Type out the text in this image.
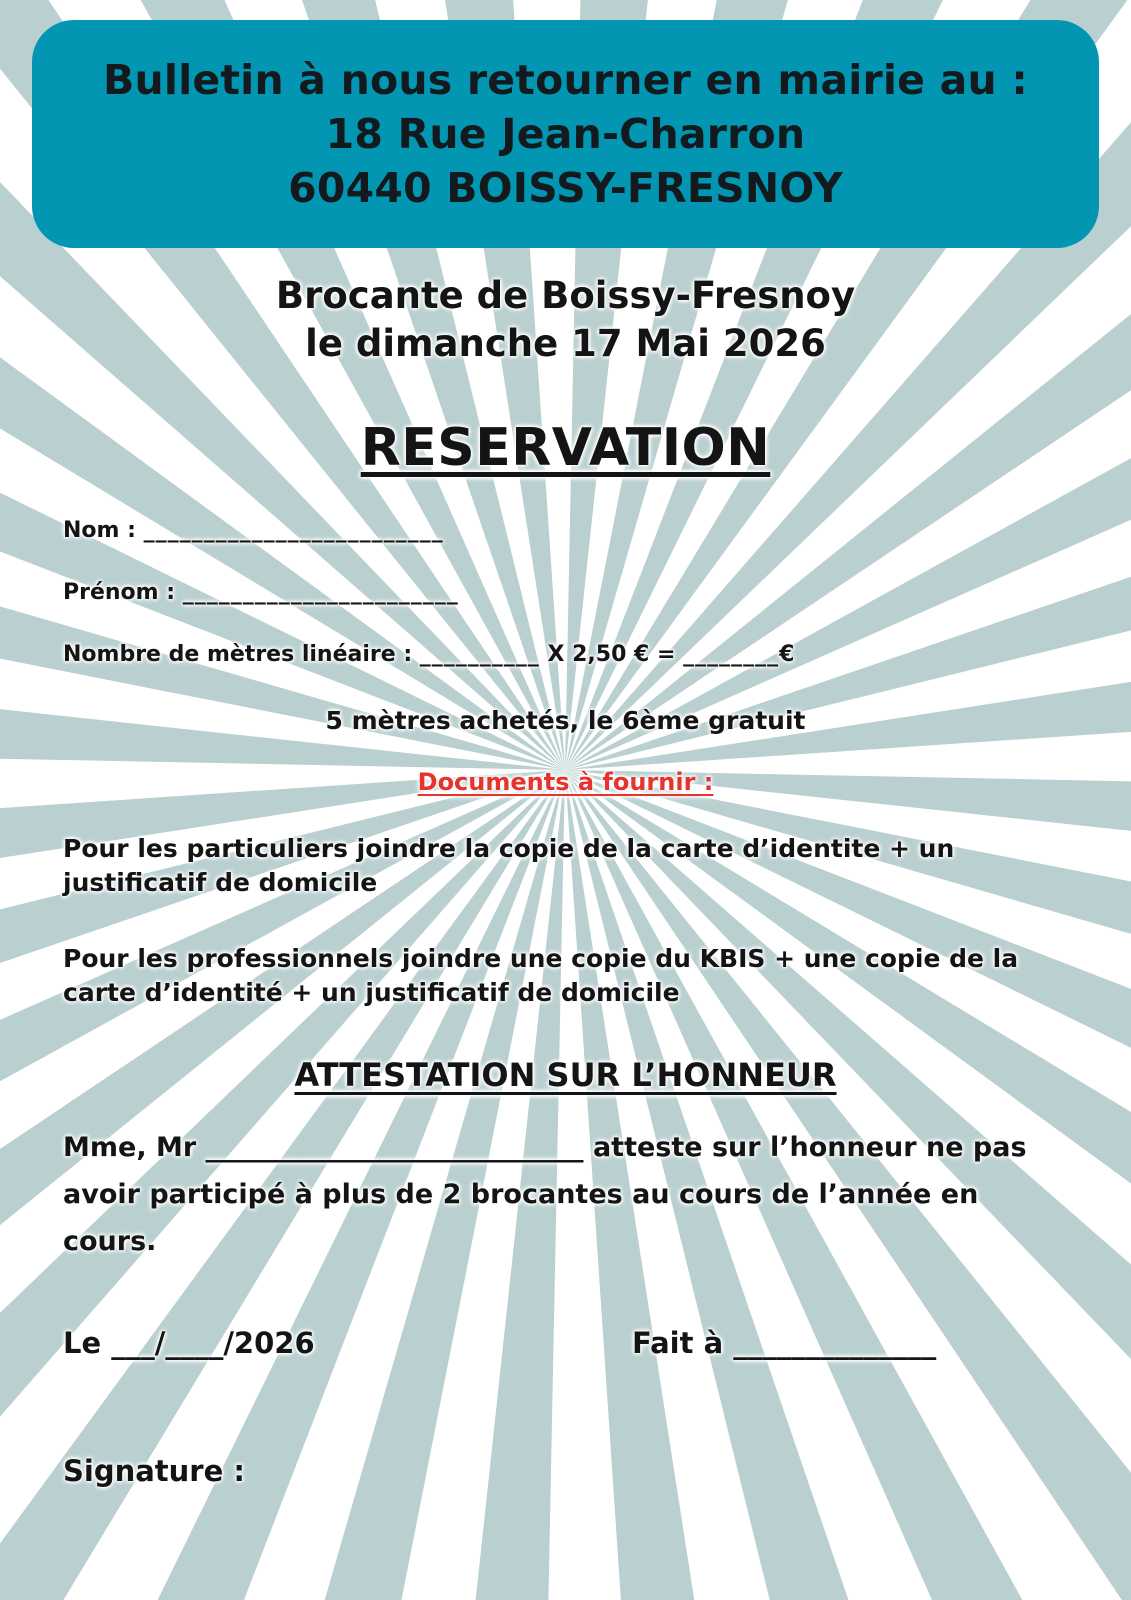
Bulletin à nous retourner en mairie au :
18 Rue Jean-Charron
60440 BOISSY-FRESNOY
Brocante de Boissy-Fresnoy
le dimanche 17 Mai 2026
RESERVATION
Nom : _________________________
Prénom : _______________________
Nombre de mètres linéaire : __________ X 2,50 € = ________€
5 mètres achetés, le 6ème gratuit
Documents à fournir :
Pour les particuliers joindre la copie de la carte d’identite + un justificatif de domicile
Pour les professionnels joindre une copie du KBIS + une copie de la carte d’identité + un justificatif de domicile
ATTESTATION SUR L’HONNEUR
Mme, Mr ____________________________ atteste sur l’honneur ne pas avoir participé à plus de 2 brocantes au cours de l’année en cours.
Le ___/____/2026	Fait à ______________
Signature :
